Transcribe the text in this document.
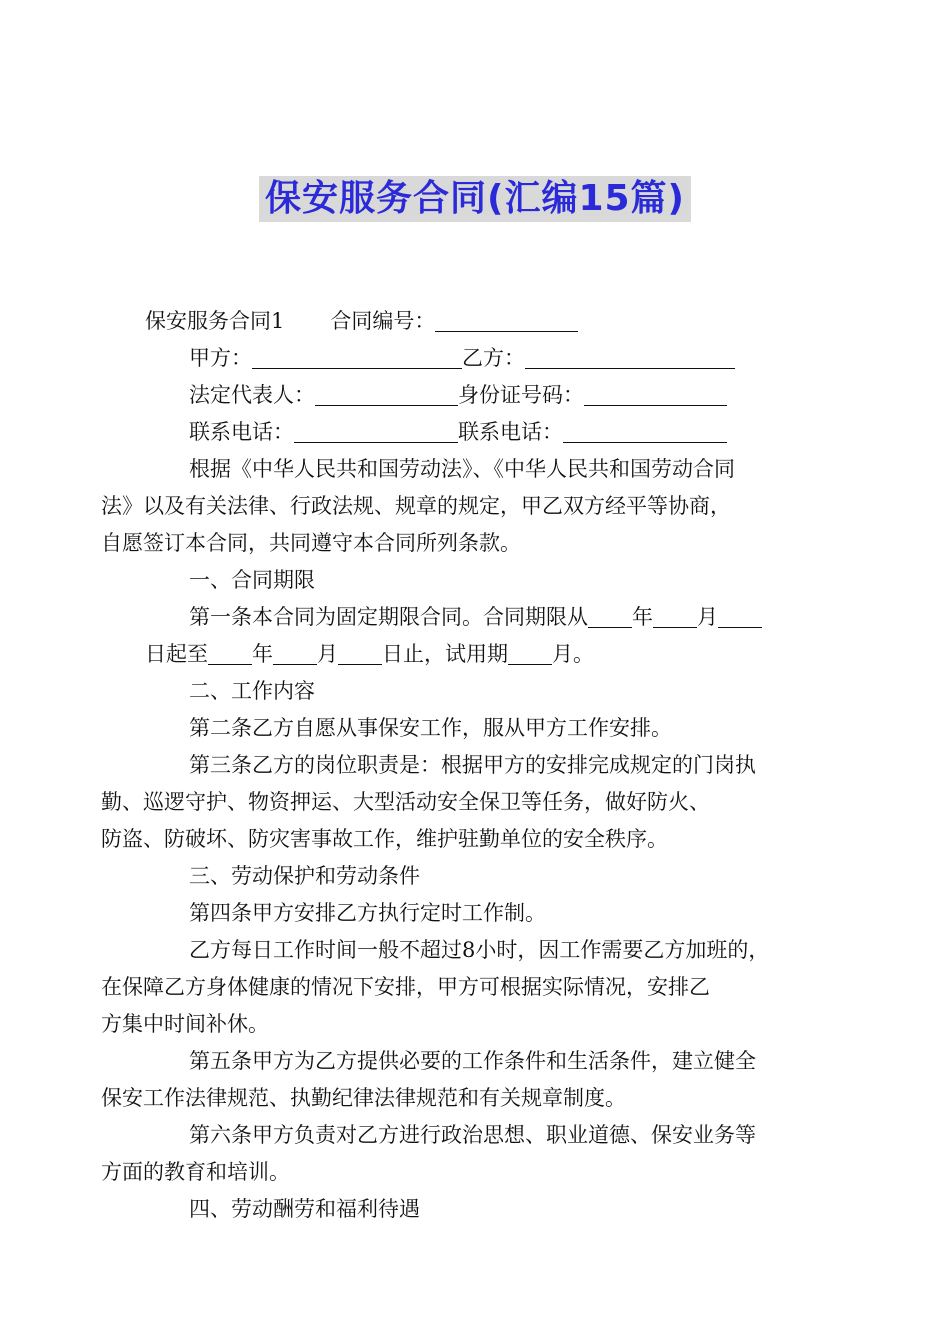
保安服务合同(汇编15篇)
保安服务合同1 合同编号：
甲方：	乙方：
法定代表人：	身份证号码：
联系电话：	联系电话：
根据《中华人民共和国劳动法》、《中华人民共和国劳动合同
法》以及有关法律、行政法规、规章的规定，甲乙双方经平等协商，
自愿签订本合同，共同遵守本合同所列条款。
一、合同期限
第一条本合同为固定期限合同。合同期限从 年 月
日起至 年 月 日止，试用期 月。
二、工作内容
第二条乙方自愿从事保安工作，服从甲方工作安排。
第三条乙方的岗位职责是：根据甲方的安排完成规定的门岗执
勤、巡逻守护、物资押运、大型活动安全保卫等任务，做好防火、
防盗、防破坏、防灾害事故工作，维护驻勤单位的安全秩序。
三、劳动保护和劳动条件
第四条甲方安排乙方执行定时工作制。
乙方每日工作时间一般不超过8小时，因工作需要乙方加班的，
在保障乙方身体健康的情况下安排，甲方可根据实际情况，安排乙
方集中时间补休。
第五条甲方为乙方提供必要的工作条件和生活条件，建立健全
保安工作法律规范、执勤纪律法律规范和有关规章制度。
第六条甲方负责对乙方进行政治思想、职业道德、保安业务等
方面的教育和培训。
四、劳动酬劳和福利待遇
